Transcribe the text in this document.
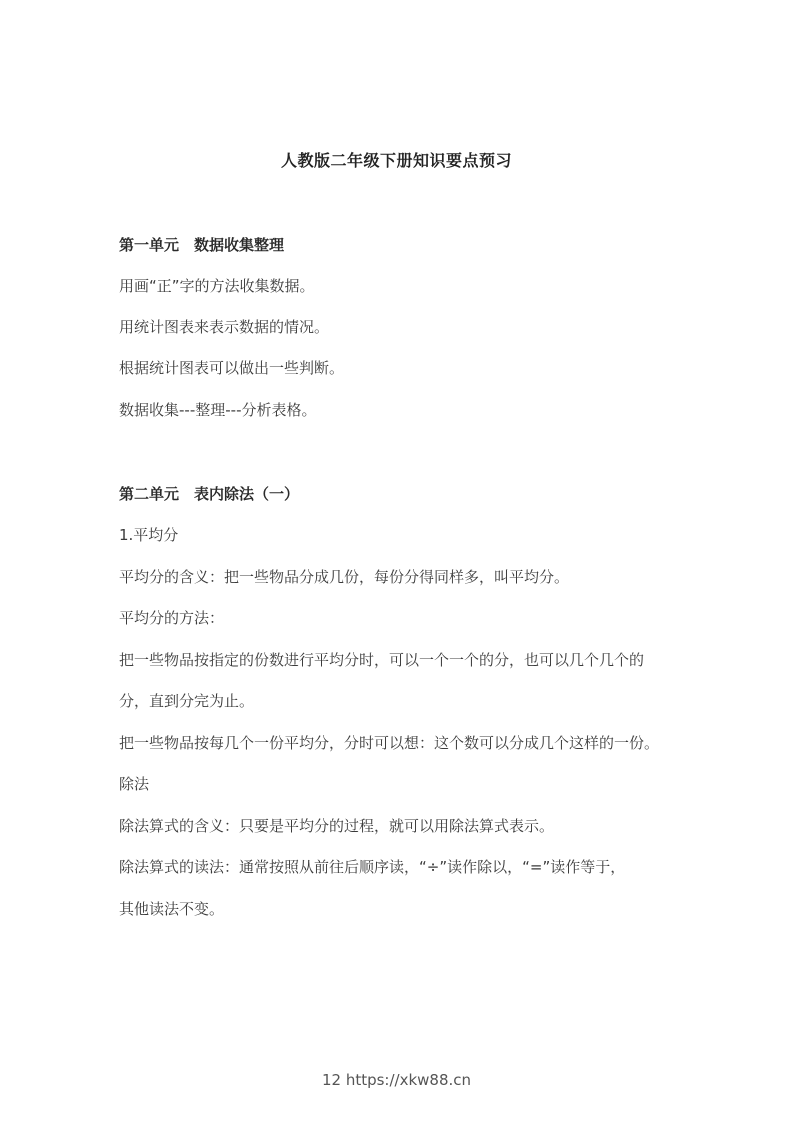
人教版二年级下册知识要点预习
第一单元　数据收集整理
用画“正”字的方法收集数据。
用统计图表来表示数据的情况。
根据统计图表可以做出一些判断。
数据收集---整理---分析表格。
第二单元　表内除法（一）
1.平均分
平均分的含义：把一些物品分成几份，每份分得同样多，叫平均分。
平均分的方法：
把一些物品按指定的份数进行平均分时，可以一个一个的分，也可以几个几个的
分，直到分完为止。
把一些物品按每几个一份平均分，分时可以想：这个数可以分成几个这样的一份。
除法
除法算式的含义：只要是平均分的过程，就可以用除法算式表示。
除法算式的读法：通常按照从前往后顺序读，“÷”读作除以，“=”读作等于，
其他读法不变。
12 https://xkw88.cn
